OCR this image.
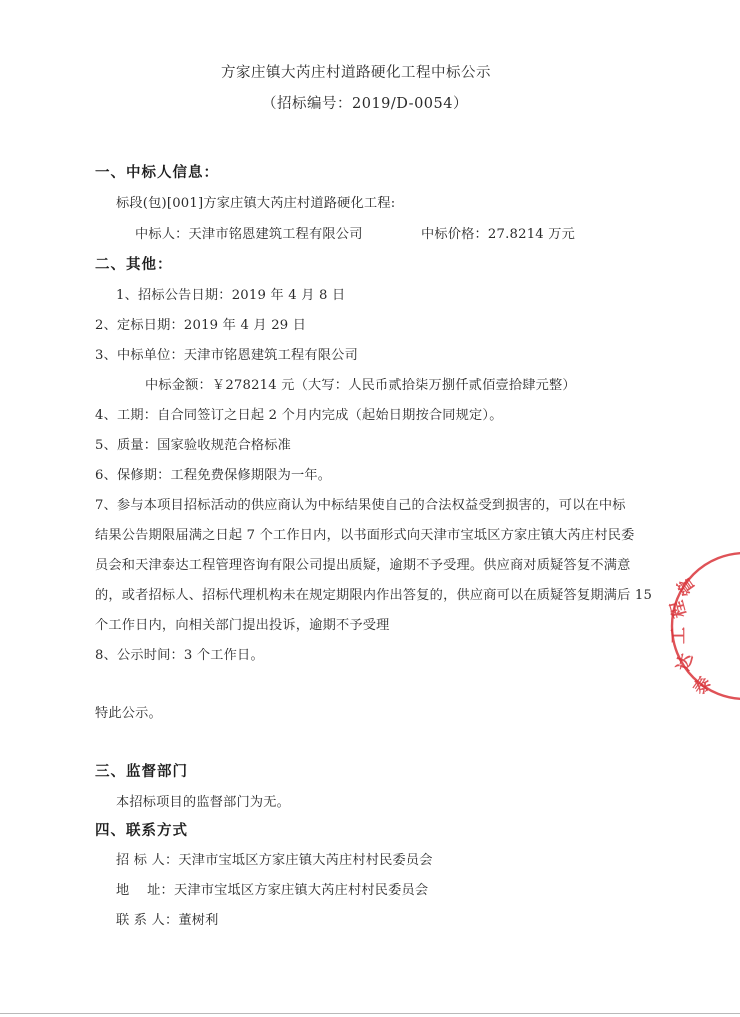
方家庄镇大芮庄村道路硬化工程中标公示
（招标编号：2019/D-0054）
一、中标人信息：
标段(包)[001]方家庄镇大芮庄村道路硬化工程:
中标人：天津市铭恩建筑工程有限公司	中标价格：27.8214 万元
二、其他：
1、招标公告日期：2019 年 4 月 8 日
2、定标日期：2019 年 4 月 29 日
3、中标单位：天津市铭恩建筑工程有限公司
中标金额：￥278214 元（大写：人民币贰拾柒万捌仟贰佰壹拾肆元整）
4、工期：自合同签订之日起 2 个月内完成（起始日期按合同规定）。
5、质量：国家验收规范合格标准
6、保修期：工程免费保修期限为一年。
7、参与本项目招标活动的供应商认为中标结果使自己的合法权益受到损害的，可以在中标
结果公告期限届满之日起 7 个工作日内，以书面形式向天津市宝坻区方家庄镇大芮庄村民委
员会和天津泰达工程管理咨询有限公司提出质疑，逾期不予受理。供应商对质疑答复不满意
的，或者招标人、招标代理机构未在规定期限内作出答复的，供应商可以在质疑答复期满后 15
个工作日内，向相关部门提出投诉，逾期不予受理
8、公示时间：3 个工作日。
特此公示。
三、监督部门
本招标项目的监督部门为无。
四、联系方式
招 标 人：天津市宝坻区方家庄镇大芮庄村村民委员会
地　 址：天津市宝坻区方家庄镇大芮庄村村民委员会
联 系 人：董树利
泰
达
工
程
管
